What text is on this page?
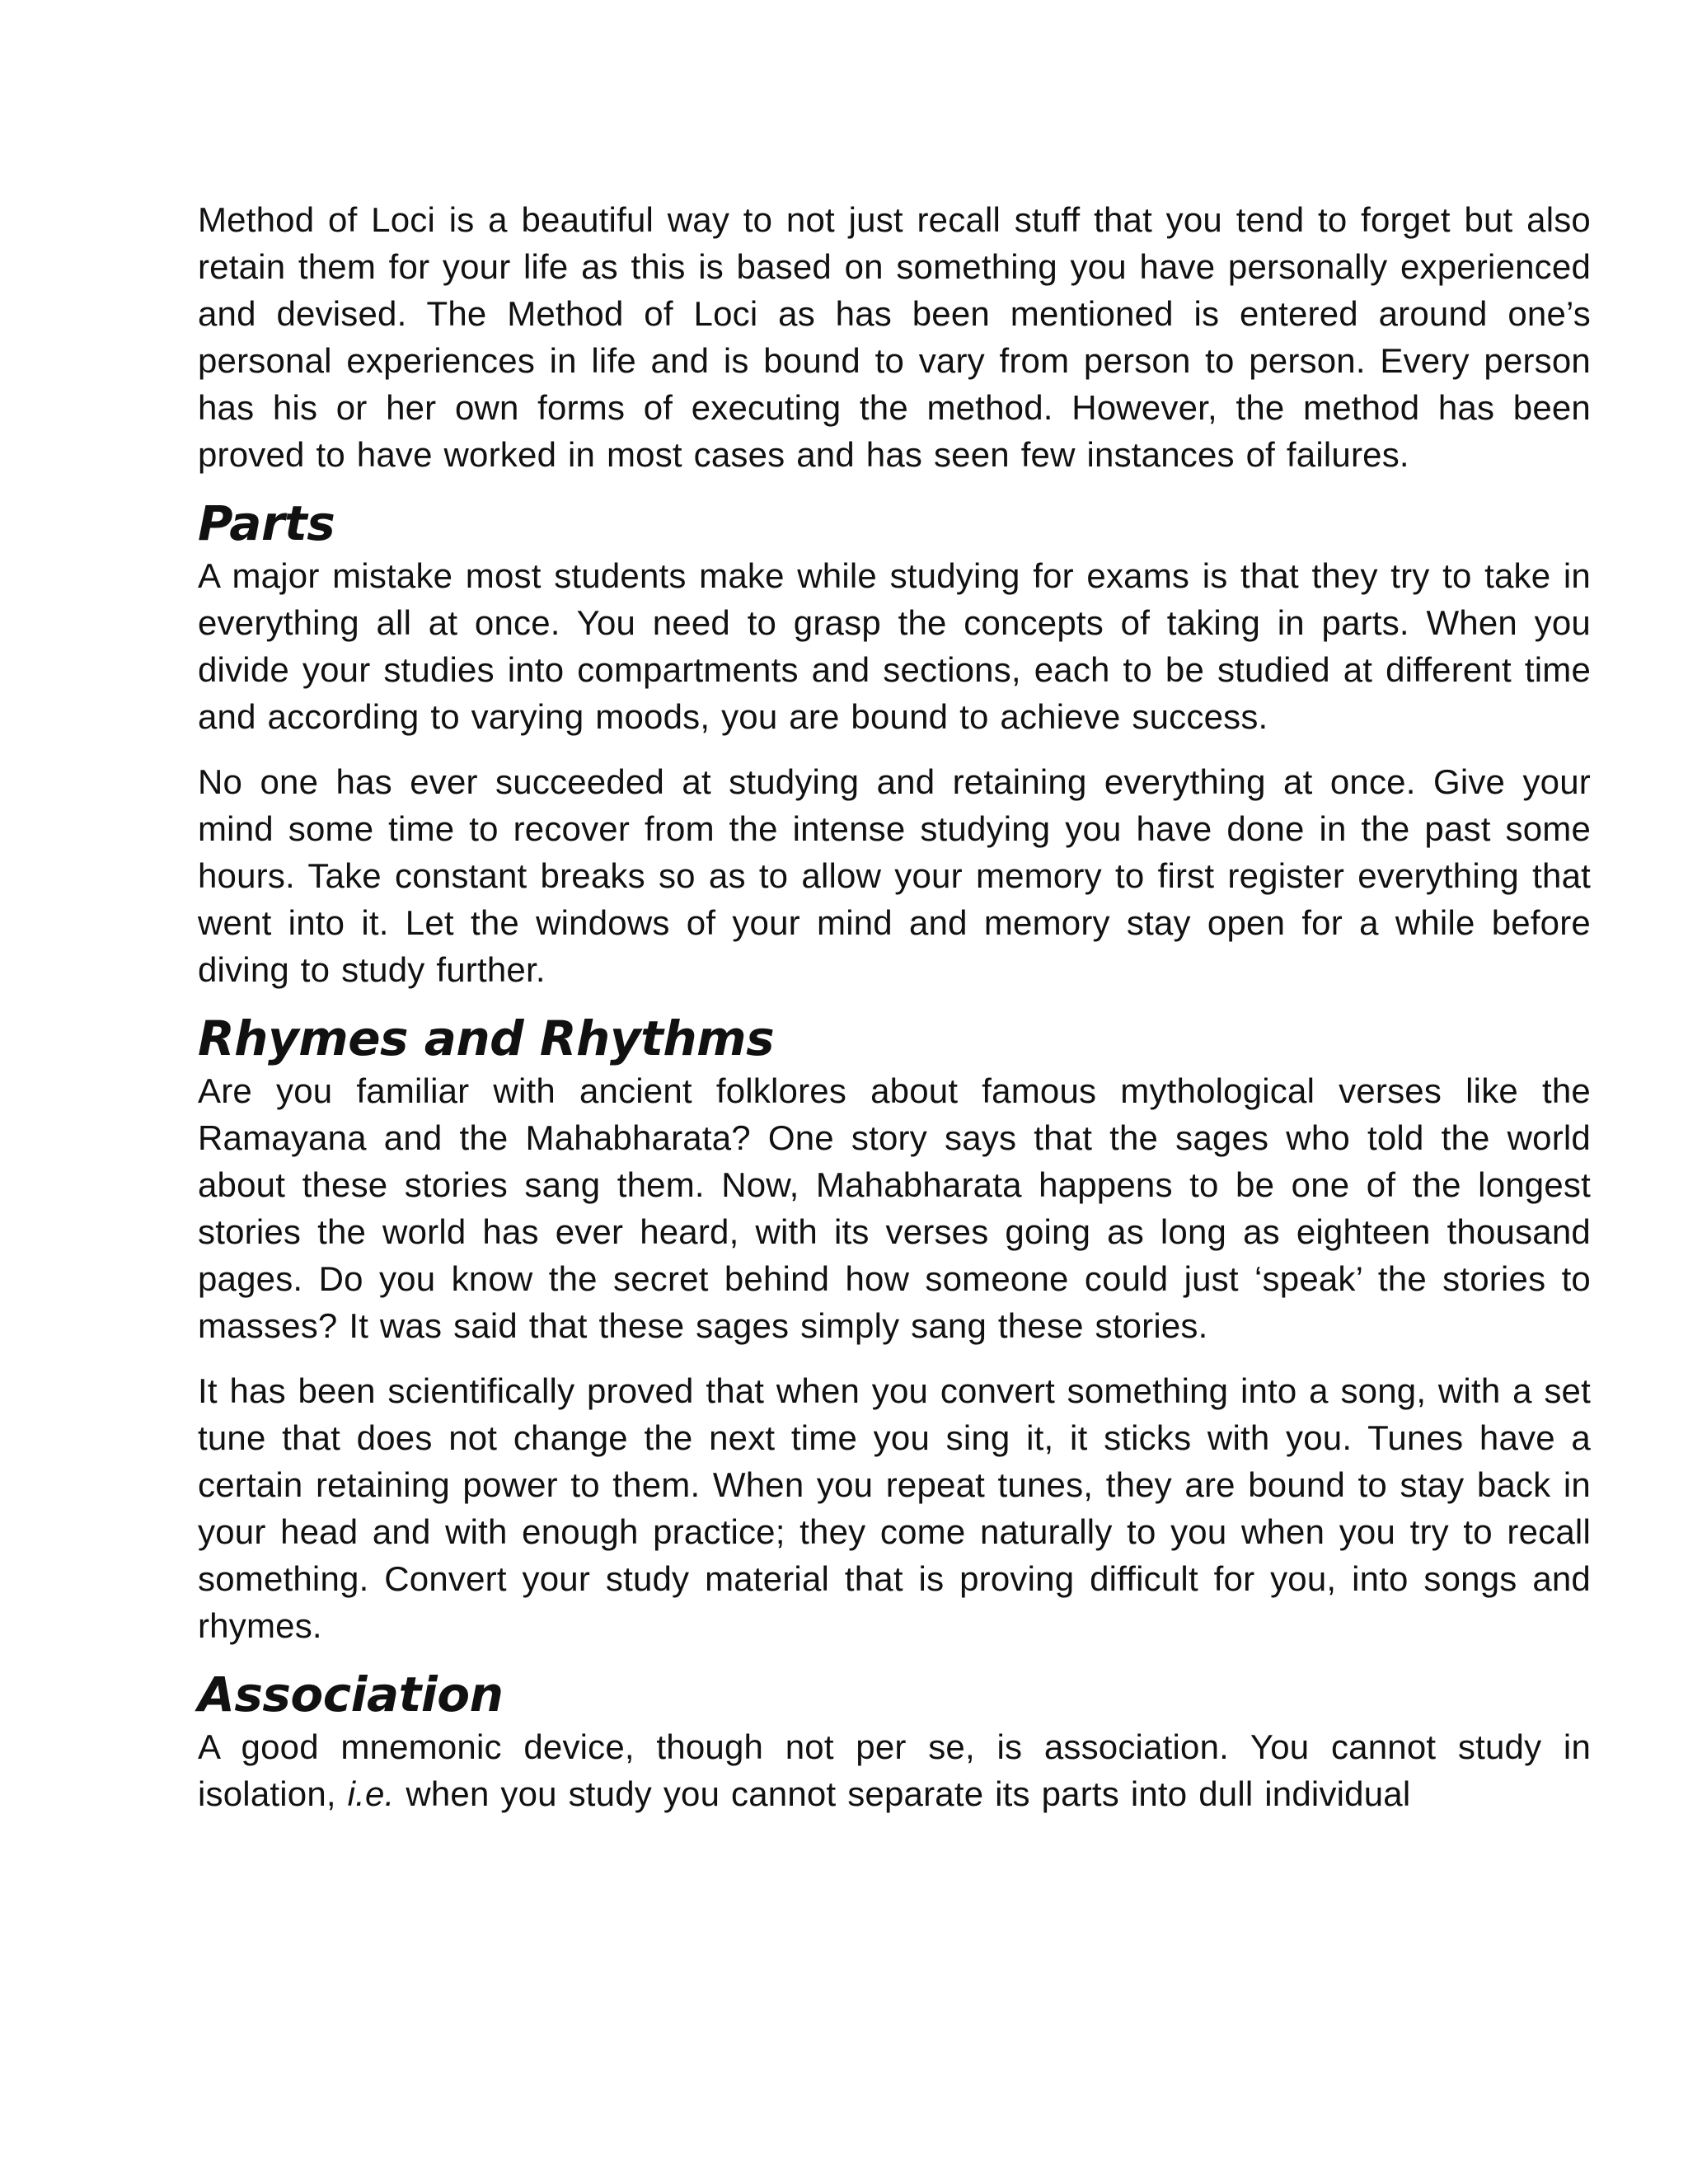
Method of Loci is a beautiful way to not just recall stuff that you tend to forget but also retain them for your life as this is based on something you have personally experienced and devised. The Method of Loci as has been mentioned is entered around one’s personal experiences in life and is bound to vary from person to person. Every person has his or her own forms of executing the method. However, the method has been proved to have worked in most cases and has seen few instances of failures.

Parts

A major mistake most students make while studying for exams is that they try to take in everything all at once. You need to grasp the concepts of taking in parts. When you divide your studies into compartments and sections, each to be studied at different time and according to varying moods, you are bound to achieve success.

No one has ever succeeded at studying and retaining everything at once. Give your mind some time to recover from the intense studying you have done in the past some hours. Take constant breaks so as to allow your memory to first register everything that went into it. Let the windows of your mind and memory stay open for a while before diving to study further.

Rhymes and Rhythms

Are you familiar with ancient folklores about famous mythological verses like the Ramayana and the Mahabharata? One story says that the sages who told the world about these stories sang them. Now, Mahabharata happens to be one of the longest stories the world has ever heard, with its verses going as long as eighteen thousand pages. Do you know the secret behind how someone could just ‘speak’ the stories to masses? It was said that these sages simply sang these stories.

It has been scientifically proved that when you convert something into a song, with a set tune that does not change the next time you sing it, it sticks with you. Tunes have a certain retaining power to them. When you repeat tunes, they are bound to stay back in your head and with enough practice; they come naturally to you when you try to recall something. Convert your study material that is proving difficult for you, into songs and rhymes.

Association

A good mnemonic device, though not per se, is association. You cannot study in isolation, i.e. when you study you cannot separate its parts into dull individual
